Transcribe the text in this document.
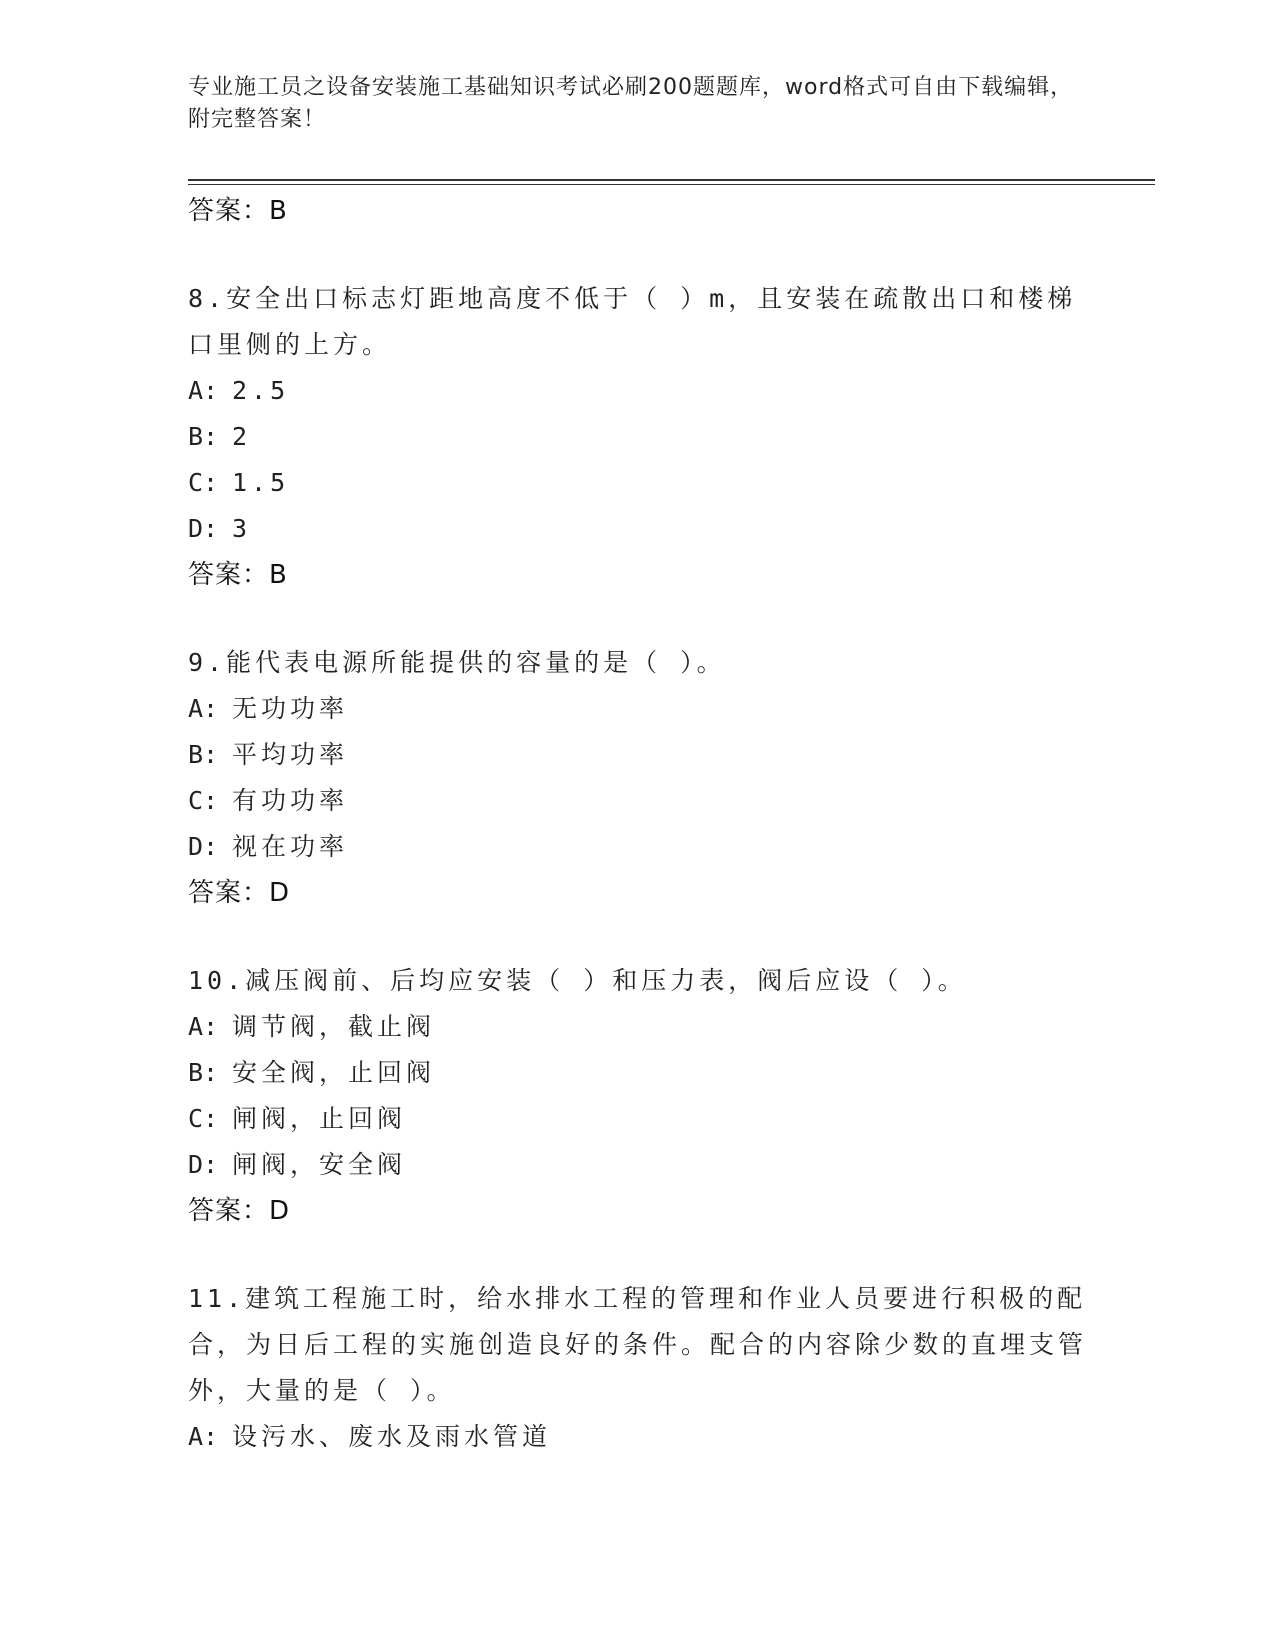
专业施工员之设备安装施工基础知识考试必刷200题题库，word格式可自由下载编辑，附完整答案！
答案：B

8.安全出口标志灯距地高度不低于（ ）m，且安装在疏散出口和楼梯口里侧的上方。

A: 2.5
B: 2
C: 1.5
D: 3
答案：B

9.能代表电源所能提供的容量的是（ ）。

A: 无功功率
B: 平均功率
C: 有功功率
D: 视在功率
答案：D

10.减压阀前、后均应安装（ ）和压力表，阀后应设（ ）。

A: 调节阀，截止阀
B: 安全阀，止回阀
C: 闸阀，止回阀
D: 闸阀，安全阀
答案：D

11.建筑工程施工时，给水排水工程的管理和作业人员要进行积极的配合，为日后工程的实施创造良好的条件。配合的内容除少数的直埋支管外，大量的是（ ）。

A: 设污水、废水及雨水管道
